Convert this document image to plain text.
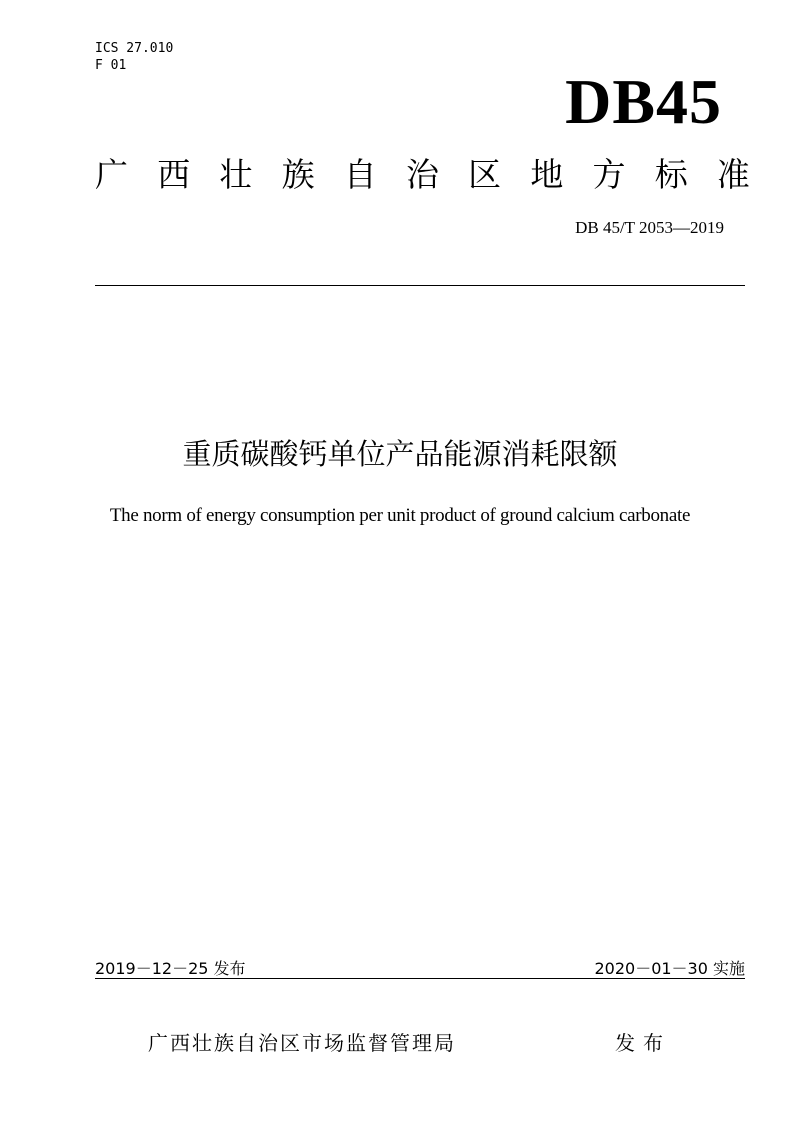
ICS 27.010
F 01
DB45
广 西 壮 族 自 治 区 地 方 标 准
DB 45/T 2053—2019
重质碳酸钙单位产品能源消耗限额
The norm of energy consumption per unit product of ground calcium carbonate
2019－12－25 发布	2020－01－30 实施
广西壮族自治区市场监督管理局	发布
